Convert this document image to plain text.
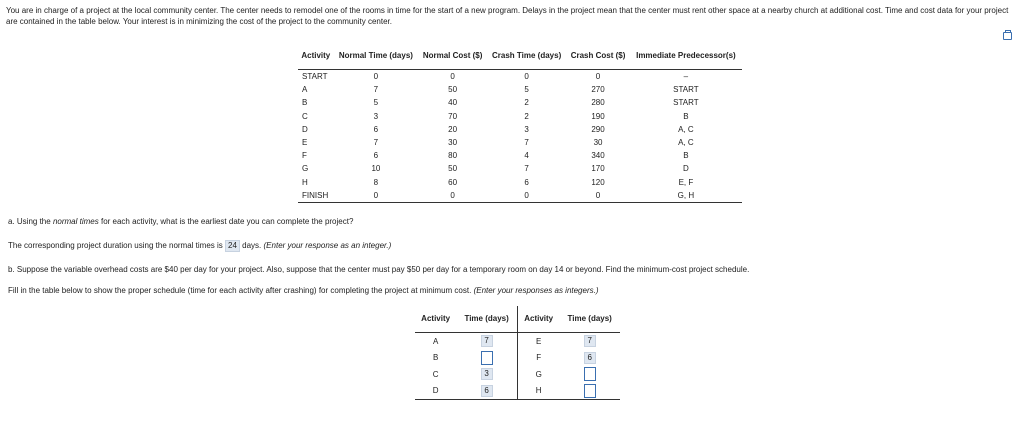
You are in charge of a project at the local community center. The center needs to remodel one of the rooms in time for the start of a new program. Delays in the project mean that the center must rent other space at a nearby church at additional cost. Time and cost data for your project are contained in the table below. Your interest is in minimizing the cost of the project to the community center.
Activity	Normal Time (days)	Normal Cost ($)	Crash Time (days)	Crash Cost ($)	Immediate Predecessor(s)
START	0	0	0	0	–
A	7	50	5	270	START
B	5	40	2	280	START
C	3	70	2	190	B
D	6	20	3	290	A, C
E	7	30	7	30	A, C
F	6	80	4	340	B
G	10	50	7	170	D
H	8	60	6	120	E, F
FINISH	0	0	0	0	G, H
a. Using the normal times for each activity, what is the earliest date you can complete the project?
The corresponding project duration using the normal times is 24 days. (Enter your response as an integer.)
b. Suppose the variable overhead costs are $40 per day for your project. Also, suppose that the center must pay $50 per day for a temporary room on day 14 or beyond. Find the minimum-cost project schedule.
Fill in the table below to show the proper schedule (time for each activity after crashing) for completing the project at minimum cost. (Enter your responses as integers.)
Activity	Time (days)	Activity	Time (days)
A	7	E	7
B		F	6
C	3	G	
D	6	H	
